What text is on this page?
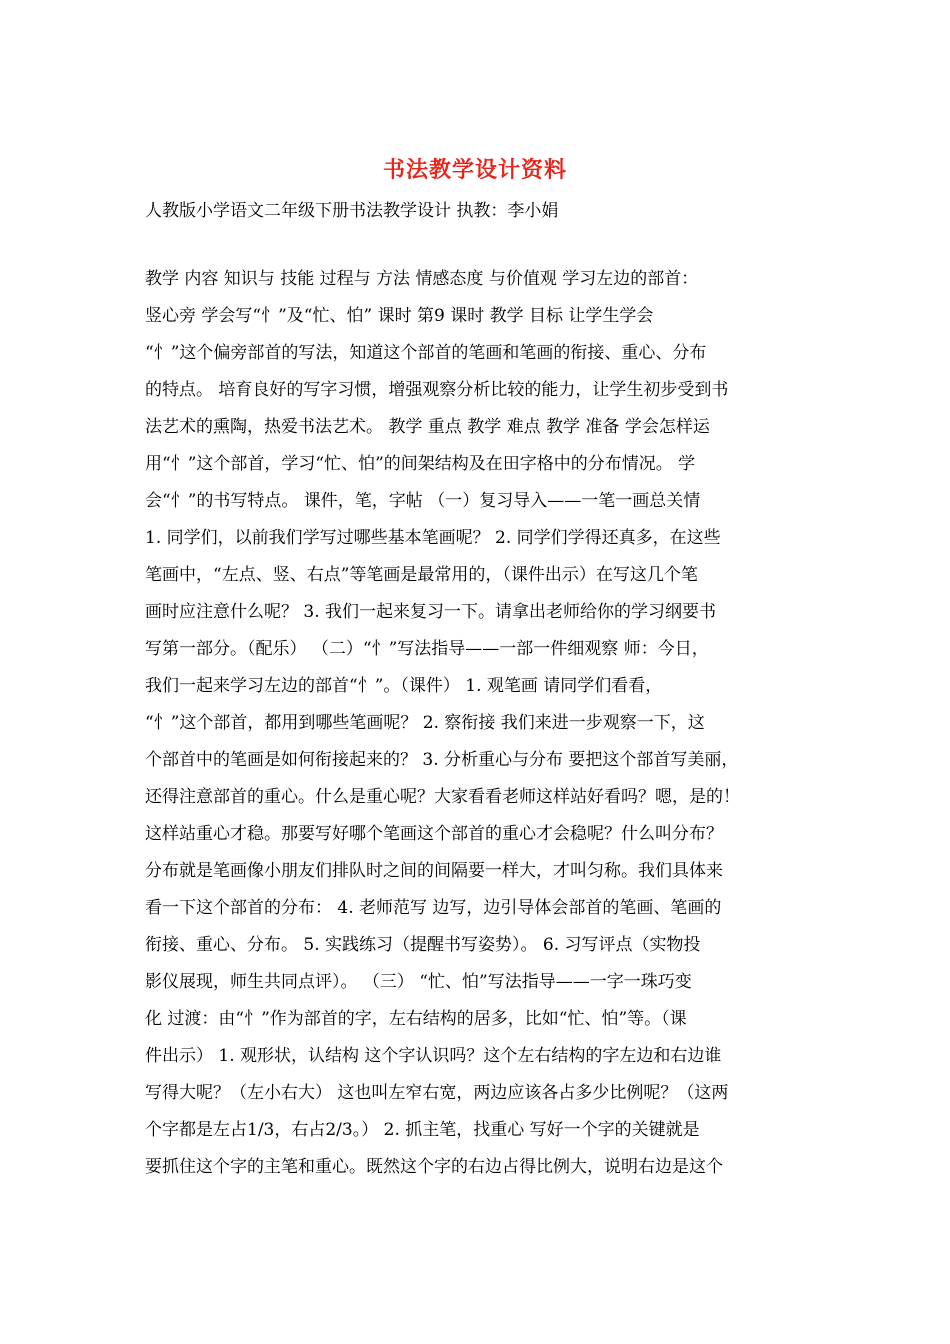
书法教学设计资料

人教版小学语文二年级下册书法教学设计 执教：李小娟

教学 内容 知识与 技能 过程与 方法 情感态度 与价值观 学习左边的部首：
竖心旁 学会写“忄”及“忙、怕” 课时 第9 课时 教学 目标 让学生学会
“忄”这个偏旁部首的写法，知道这个部首的笔画和笔画的衔接、重心、分布
的特点。 培育良好的写字习惯，增强观察分析比较的能力，让学生初步受到书
法艺术的熏陶，热爱书法艺术。 教学 重点 教学 难点 教学 准备 学会怎样运
用“忄”这个部首，学习“忙、怕”的间架结构及在田字格中的分布情况。 学
会“忄”的书写特点。 课件，笔，字帖 （一）复习导入——一笔一画总关情
1. 同学们，以前我们学写过哪些基本笔画呢？ 2. 同学们学得还真多，在这些
笔画中，“左点、竖、右点”等笔画是最常用的，（课件出示）在写这几个笔
画时应注意什么呢？ 3. 我们一起来复习一下。请拿出老师给你的学习纲要书
写第一部分。（配乐） （二）“忄”写法指导——一部一件细观察 师：今日，
我们一起来学习左边的部首“忄”。（课件） 1. 观笔画 请同学们看看，
“忄”这个部首，都用到哪些笔画呢？ 2. 察衔接 我们来进一步观察一下，这
个部首中的笔画是如何衔接起来的？ 3. 分析重心与分布 要把这个部首写美丽，
还得注意部首的重心。什么是重心呢？大家看看老师这样站好看吗？嗯，是的！
这样站重心才稳。那要写好哪个笔画这个部首的重心才会稳呢？什么叫分布？
分布就是笔画像小朋友们排队时之间的间隔要一样大，才叫匀称。我们具体来
看一下这个部首的分布： 4. 老师范写 边写，边引导体会部首的笔画、笔画的
衔接、重心、分布。 5. 实践练习（提醒书写姿势）。 6. 习写评点（实物投
影仪展现，师生共同点评）。 （三） “忙、怕”写法指导——一字一珠巧变
化 过渡：由“忄”作为部首的字，左右结构的居多，比如“忙、怕”等。（课
件出示） 1. 观形状，认结构 这个字认识吗？这个左右结构的字左边和右边谁
写得大呢？（左小右大） 这也叫左窄右宽，两边应该各占多少比例呢？（这两
个字都是左占1/3，右占2/3。） 2. 抓主笔，找重心 写好一个字的关键就是
要抓住这个字的主笔和重心。既然这个字的右边占得比例大，说明右边是这个
